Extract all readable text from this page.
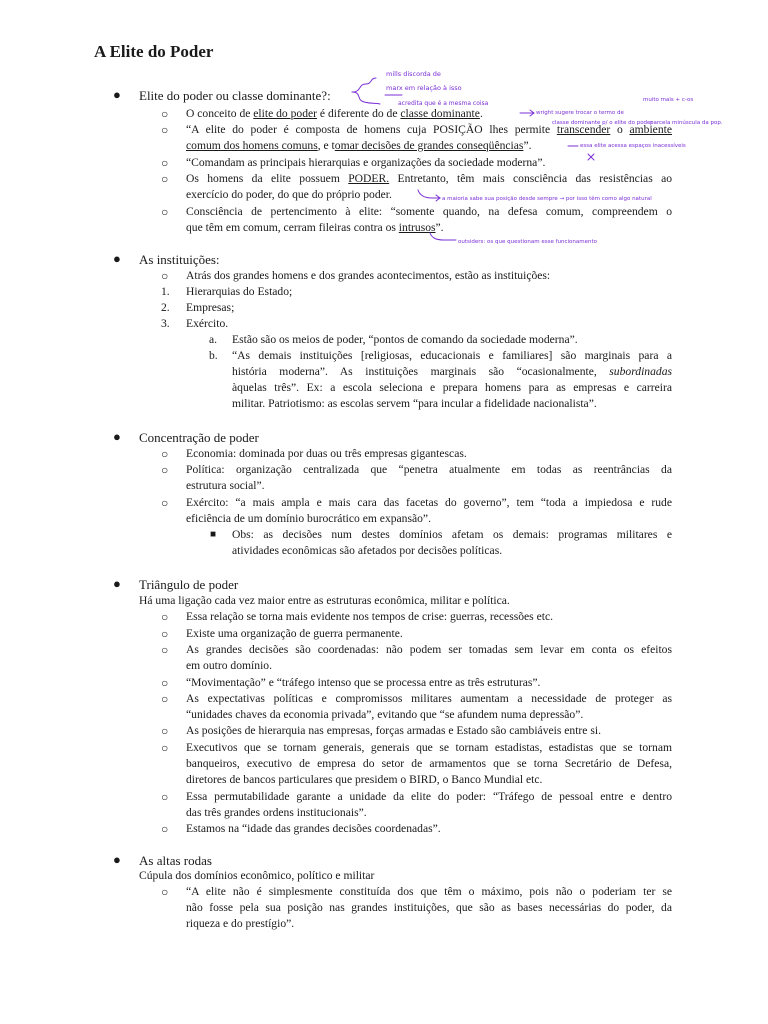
A Elite do Poder
● Elite do poder ou classe dominante?:
○ O conceito de elite do poder é diferente do de classe dominante.
○ “A elite do poder é composta de homens cuja POSIÇÃO lhes permite transcender o ambiente
comum dos homens comuns, e tomar decisões de grandes conseqüências”.
○ “Comandam as principais hierarquias e organizações da sociedade moderna”.
○ Os homens da elite possuem PODER. Entretanto, têm mais consciência das resistências ao
exercício do poder, do que do próprio poder.
○ Consciência de pertencimento à elite: “somente quando, na defesa comum, compreendem o
que têm em comum, cerram fileiras contra os intrusos”.
● As instituições:
○ Atrás dos grandes homens e dos grandes acontecimentos, estão as instituições:
1. Hierarquias do Estado;
2. Empresas;
3. Exército.
a. Estão são os meios de poder, “pontos de comando da sociedade moderna”.
b. “As demais instituições [religiosas, educacionais e familiares] são marginais para a
história moderna”. As instituições marginais são “ocasionalmente, subordinadas
àquelas três”. Ex: a escola seleciona e prepara homens para as empresas e carreira
militar. Patriotismo: as escolas servem “para incular a fidelidade nacionalista”.
● Concentração de poder
○ Economia: dominada por duas ou três empresas gigantescas.
○ Política: organização centralizada que “penetra atualmente em todas as reentrâncias da
estrutura social”.
○ Exército: “a mais ampla e mais cara das facetas do governo”, tem “toda a impiedosa e rude
eficiência de um domínio burocrático em expansão”.
■ Obs: as decisões num destes domínios afetam os demais: programas militares e
atividades econômicas são afetados por decisões políticas.
● Triângulo de poder
Há uma ligação cada vez maior entre as estruturas econômica, militar e política.
○ Essa relação se torna mais evidente nos tempos de crise: guerras, recessões etc.
○ Existe uma organização de guerra permanente.
○ As grandes decisões são coordenadas: não podem ser tomadas sem levar em conta os efeitos
em outro domínio.
○ “Movimentação” e “tráfego intenso que se processa entre as três estruturas”.
○ As expectativas políticas e compromissos militares aumentam a necessidade de proteger as
“unidades chaves da economia privada”, evitando que “se afundem numa depressão”.
○ As posições de hierarquia nas empresas, forças armadas e Estado são cambiáveis entre si.
○ Executivos que se tornam generais, generais que se tornam estadistas, estadistas que se tornam
banqueiros, executivo de empresa do setor de armamentos que se torna Secretário de Defesa,
diretores de bancos particulares que presidem o BIRD, o Banco Mundial etc.
○ Essa permutabilidade garante a unidade da elite do poder: “Tráfego de pessoal entre e dentro
das três grandes ordens institucionais”.
○ Estamos na “idade das grandes decisões coordenadas”.
● As altas rodas
Cúpula dos domínios econômico, político e militar
○ “A elite não é simplesmente constituída dos que têm o máximo, pois não o poderiam ter se
não fosse pela sua posição nas grandes instituições, que são as bases necessárias do poder, da
riqueza e do prestígio”.
mills discorda de
marx em relação à isso
acredita que é a mesma coisa
wright sugere trocar o termo de
classe dominante p/ o elite do poder
parcela minúscula da pop.
muito mais + c-os
essa elite acessa espaços inacessíveis
a maioria sabe sua posição desde sempre → por isso têm como algo natural
outsiders: os que questionam esse funcionamento
